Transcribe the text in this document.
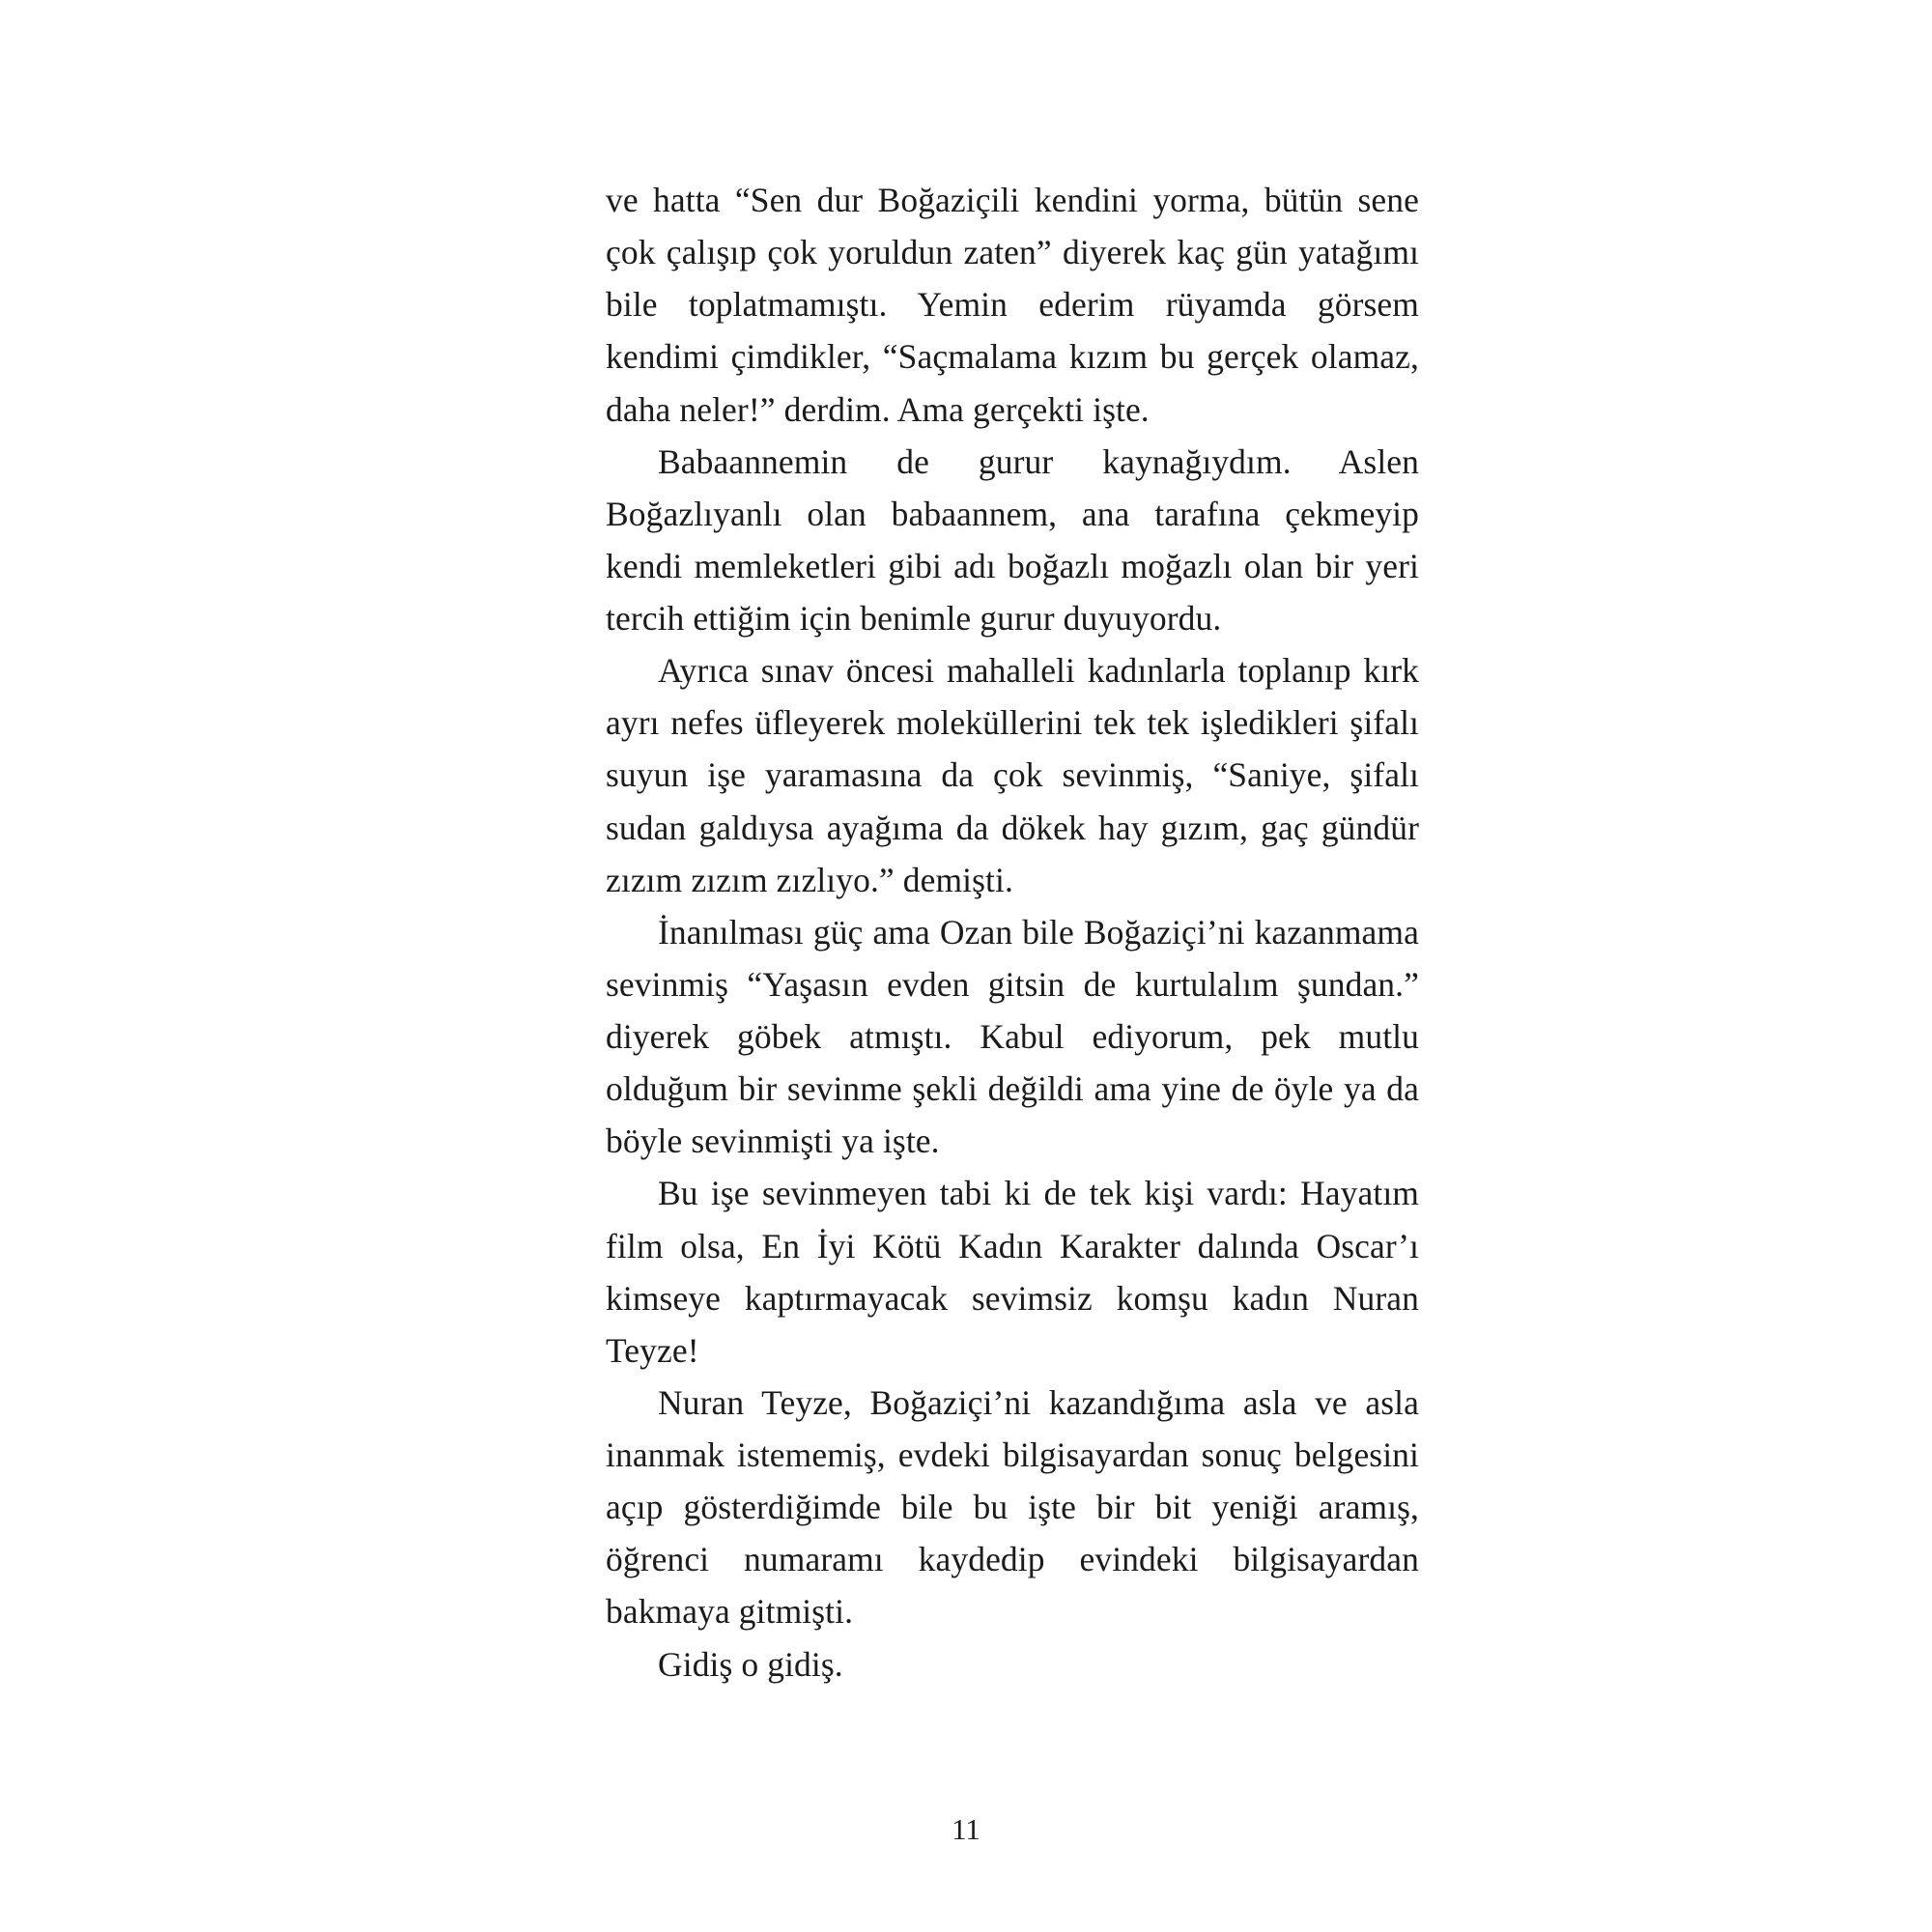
ve hatta “Sen dur Boğaziçili kendini yorma, bütün sene çok çalışıp çok yoruldun zaten” diyerek kaç gün yatağımı bile toplatmamıştı. Yemin ederim rüyamda görsem kendimi çimdikler, “Saçmalama kızım bu gerçek olamaz, daha neler!” derdim. Ama gerçekti işte.

Babaannemin de gurur kaynağıydım. Aslen Boğazlıyanlı olan babaannem, ana tarafına çekmeyip kendi memleketleri gibi adı boğazlı moğazlı olan bir yeri tercih ettiğim için benimle gurur duyuyordu.

Ayrıca sınav öncesi mahalleli kadınlarla toplanıp kırk ayrı nefes üfleyerek moleküllerini tek tek işledikleri şifalı suyun işe yaramasına da çok sevinmiş, “Saniye, şifalı sudan galdıysa ayağıma da dökek hay gızım, gaç gündür zızım zızım zızlıyo.” demişti.

İnanılması güç ama Ozan bile Boğaziçi’ni kazanmama sevinmiş “Yaşasın evden gitsin de kurtulalım şundan.” diyerek göbek atmıştı. Kabul ediyorum, pek mutlu olduğum bir sevinme şekli değildi ama yine de öyle ya da böyle sevinmişti ya işte.

Bu işe sevinmeyen tabi ki de tek kişi vardı: Hayatım film olsa, En İyi Kötü Kadın Karakter dalında Oscar’ı kimseye kaptırmayacak sevimsiz komşu kadın Nuran Teyze!

Nuran Teyze, Boğaziçi’ni kazandığıma asla ve asla inanmak istememiş, evdeki bilgisayardan sonuç belgesini açıp gösterdiğimde bile bu işte bir bit yeniği aramış, öğrenci numaramı kaydedip evindeki bilgisayardan bakmaya gitmişti.

Gidiş o gidiş.

11
